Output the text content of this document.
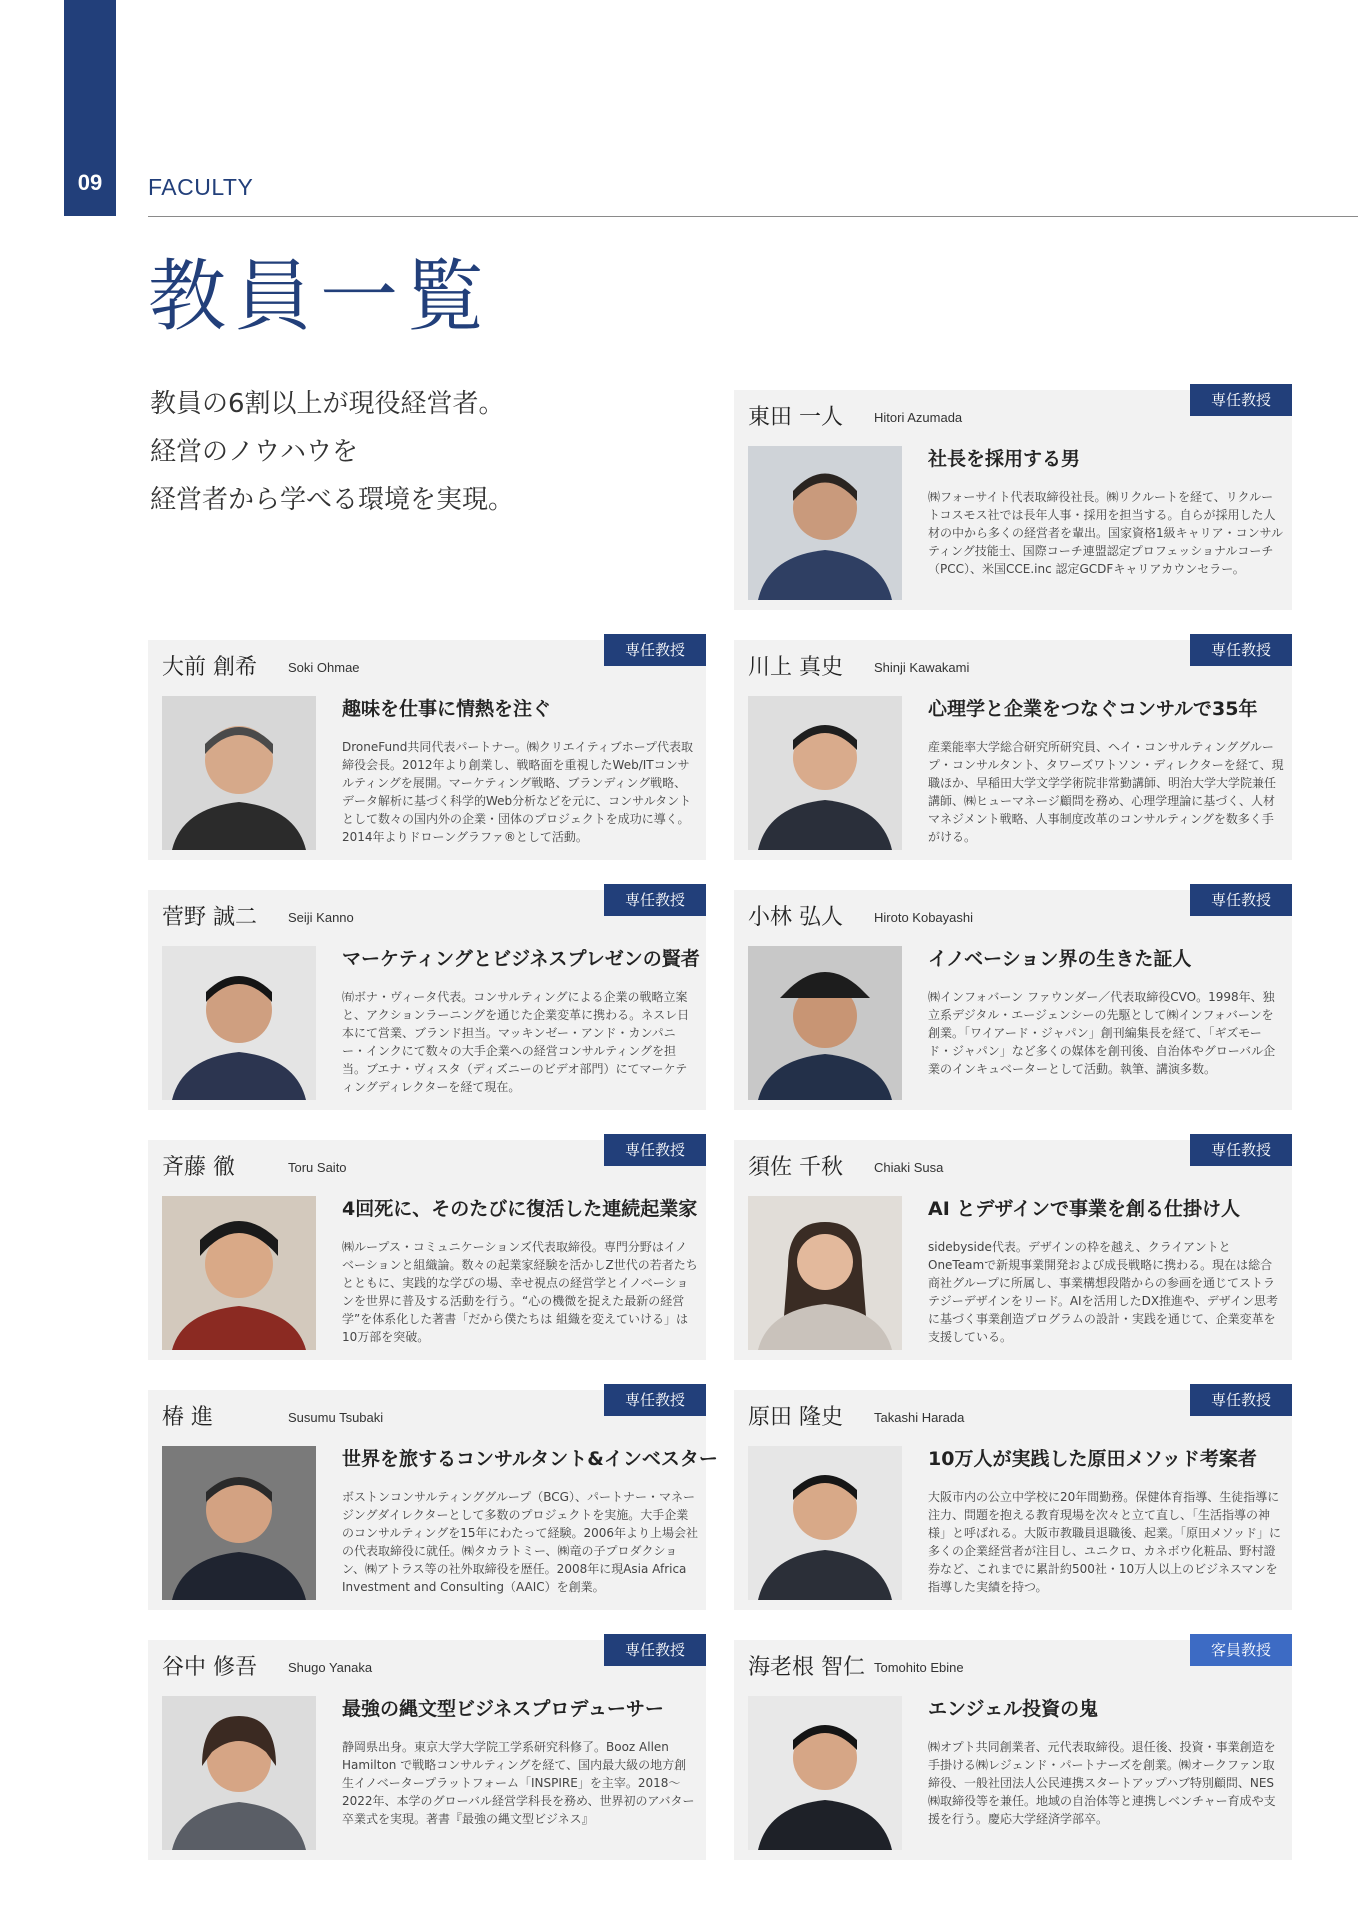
09	FACULTY
教員一覧
教員の6割以上が現役経営者。
経営のノウハウを
経営者から学べる環境を実現。
専任教授
東田 一人 Hitori Azumada
社長を採用する男
㈱フォーサイト代表取締役社長。㈱リクルートを経て、リクルートコスモス社では長年人事・採用を担当する。自らが採用した人材の中から多くの経営者を輩出。国家資格1級キャリア・コンサルティング技能士、国際コーチ連盟認定プロフェッショナルコーチ（PCC）、米国CCE.inc 認定GCDFキャリアカウンセラー。
専任教授
大前 創希 Soki Ohmae
趣味を仕事に情熱を注ぐ
DroneFund共同代表パートナー。㈱クリエイティブホープ代表取締役会長。2012年より創業し、戦略面を重視したWeb/ITコンサルティングを展開。マーケティング戦略、ブランディング戦略、データ解析に基づく科学的Web分析などを元に、コンサルタントとして数々の国内外の企業・団体のプロジェクトを成功に導く。2014年よりドローングラファ®として活動。
専任教授
川上 真史 Shinji Kawakami
心理学と企業をつなぐコンサルで35年
産業能率大学総合研究所研究員、ヘイ・コンサルティンググループ・コンサルタント、タワーズワトソン・ディレクターを経て、現職ほか、早稲田大学文学学術院非常勤講師、明治大学大学院兼任講師、㈱ヒューマネージ顧問を務め、心理学理論に基づく、人材マネジメント戦略、人事制度改革のコンサルティングを数多く手がける。
専任教授
菅野 誠二 Seiji Kanno
マーケティングとビジネスプレゼンの賢者
㈲ボナ・ヴィータ代表。コンサルティングによる企業の戦略立案と、アクションラーニングを通じた企業変革に携わる。ネスレ日本にて営業、ブランド担当。マッキンゼー・アンド・カンパニー・インクにて数々の大手企業への経営コンサルティングを担当。ブエナ・ヴィスタ（ディズニーのビデオ部門）にてマーケティングディレクターを経て現在。
専任教授
小林 弘人 Hiroto Kobayashi
イノベーション界の生きた証人
㈱インフォバーン ファウンダー／代表取締役CVO。1998年、独立系デジタル・エージェンシーの先駆として㈱インフォバーンを創業。「ワイアード・ジャパン」創刊編集長を経て、「ギズモード・ジャパン」など多くの媒体を創刊後、自治体やグローバル企業のインキュベーターとして活動。執筆、講演多数。
専任教授
斉藤 徹	Toru Saito
4回死に、そのたびに復活した連続起業家
㈱ループス・コミュニケーションズ代表取締役。専門分野はイノベーションと組織論。数々の起業家経験を活かしZ世代の若者たちとともに、実践的な学びの場、幸せ視点の経営学とイノベーションを世界に普及する活動を行う。“心の機微を捉えた最新の経営学”を体系化した著書「だから僕たちは 組織を変えていける」は10万部を突破。
専任教授
須佐 千秋 Chiaki Susa
AI とデザインで事業を創る仕掛け人
sidebyside代表。デザインの枠を越え、クライアントとOneTeamで新規事業開発および成長戦略に携わる。現在は総合商社グループに所属し、事業構想段階からの参画を通じてストラテジーデザインをリード。AIを活用したDX推進や、デザイン思考に基づく事業創造プログラムの設計・実践を通じて、企業変革を支援している。
専任教授
椿 進	Susumu Tsubaki
世界を旅するコンサルタント&インベスター
ボストンコンサルティンググループ（BCG）、パートナー・マネージングダイレクターとして多数のプロジェクトを実施。大手企業のコンサルティングを15年にわたって経験。2006年より上場会社の代表取締役に就任。㈱タカラトミー、㈱竜の子プロダクション、㈱アトラス等の社外取締役を歴任。2008年に現Asia Africa Investment and Consulting（AAIC）を創業。
専任教授
原田 隆史 Takashi Harada
10万人が実践した原田メソッド考案者
大阪市内の公立中学校に20年間勤務。保健体育指導、生徒指導に注力、問題を抱える教育現場を次々と立て直し、「生活指導の神様」と呼ばれる。大阪市教職員退職後、起業。「原田メソッド」に多くの企業経営者が注目し、ユニクロ、カネボウ化粧品、野村證券など、これまでに累計約500社・10万人以上のビジネスマンを指導した実績を持つ。
専任教授
谷中 修吾 Shugo Yanaka
最強の縄文型ビジネスプロデューサー
静岡県出身。東京大学大学院工学系研究科修了。Booz Allen Hamilton で戦略コンサルティングを経て、国内最大級の地方創生イノベータープラットフォーム「INSPIRE」を主宰。2018〜2022年、本学のグローバル経営学科長を務め、世界初のアバター卒業式を実現。著書『最強の縄文型ビジネス』
客員教授
海老根 智仁 Tomohito Ebine
エンジェル投資の鬼
㈱オプト共同創業者、元代表取締役。退任後、投資・事業創造を手掛ける㈱レジェンド・パートナーズを創業。㈱オークファン取締役、一般社団法人公民連携スタートアップハブ特別顧問、NES㈱取締役等を兼任。地域の自治体等と連携しベンチャー育成や支援を行う。慶応大学経済学部卒。
